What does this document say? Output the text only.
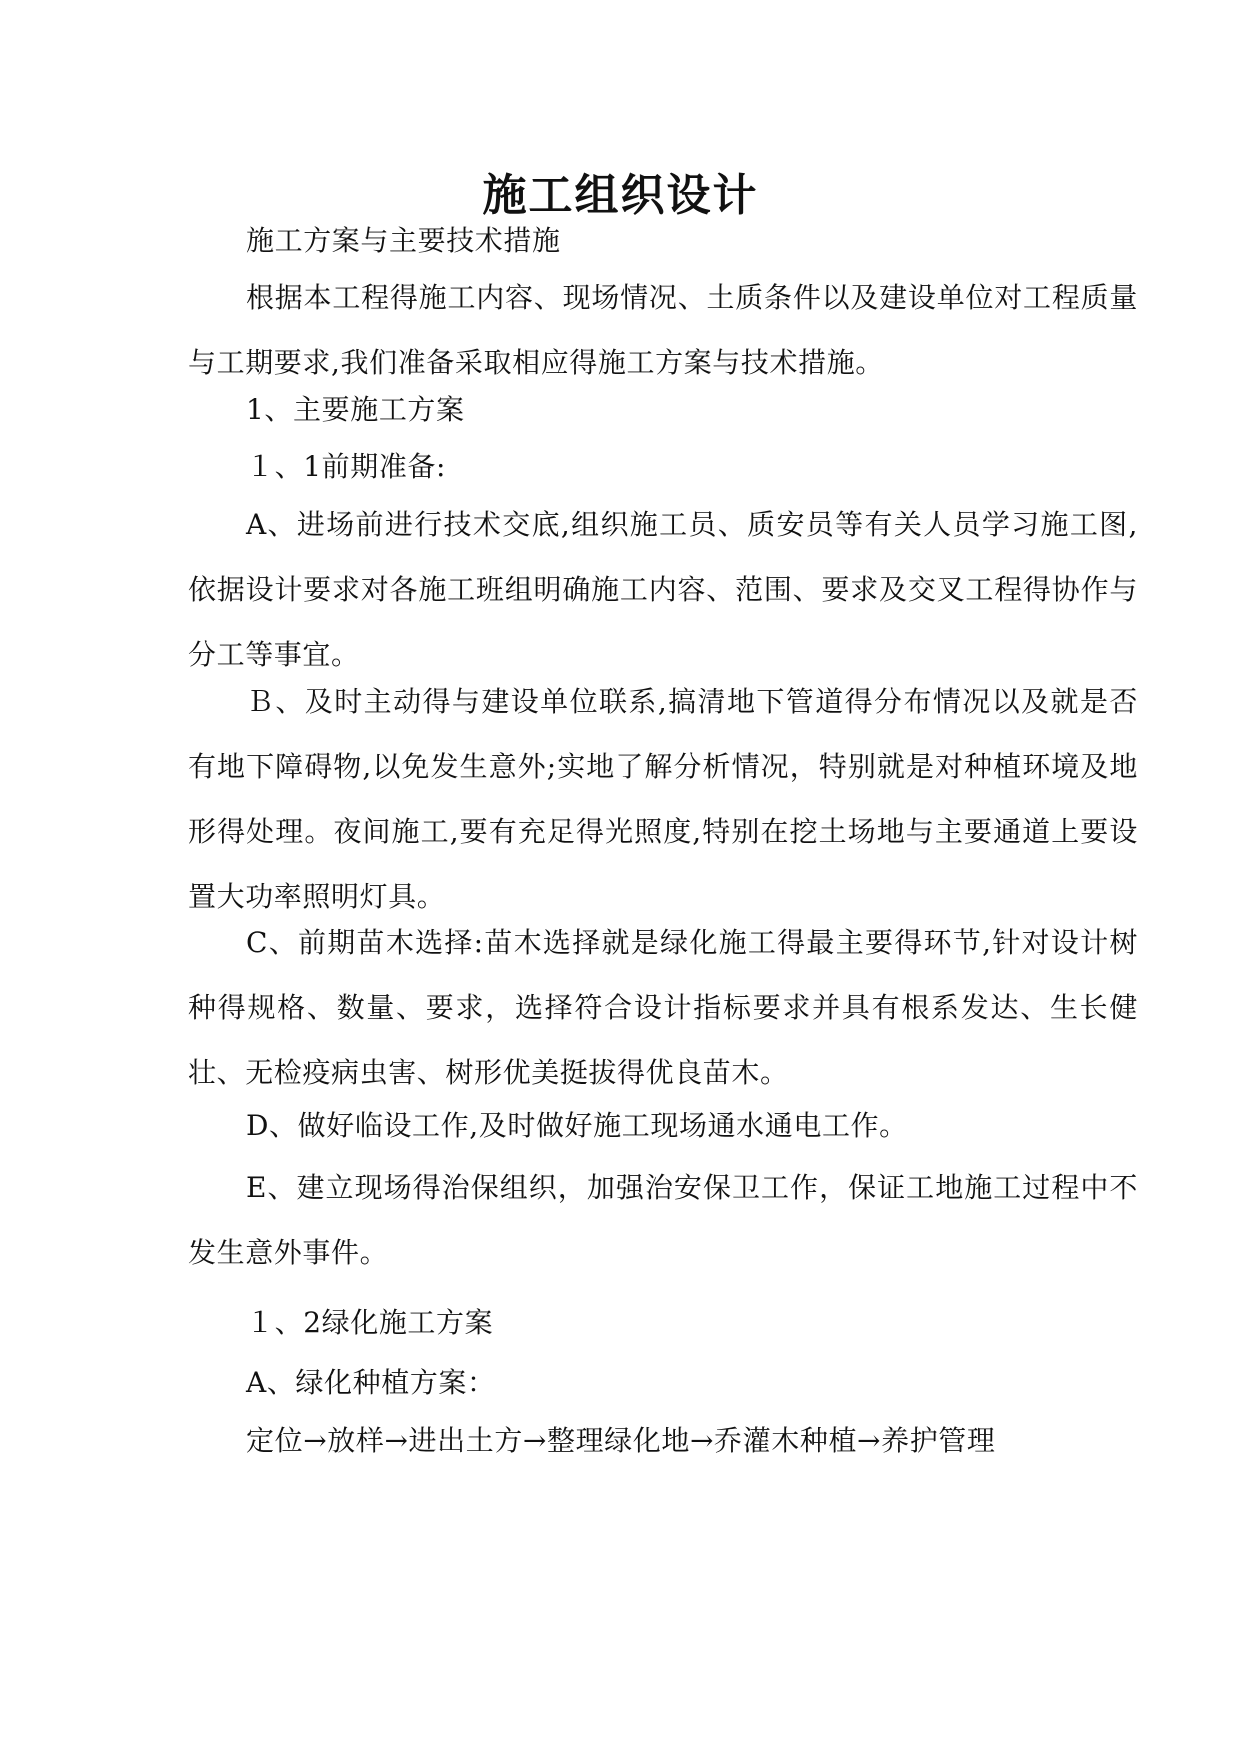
施工组织设计

施工方案与主要技术措施

根据本工程得施工内容、现场情况、土质条件以及建设单位对工程质量与工期要求,我们准备采取相应得施工方案与技术措施。

1、主要施工方案

１、1前期准备:

A、进场前进行技术交底,组织施工员、质安员等有关人员学习施工图,依据设计要求对各施工班组明确施工内容、范围、要求及交叉工程得协作与分工等事宜。

Ｂ、及时主动得与建设单位联系,搞清地下管道得分布情况以及就是否有地下障碍物,以免发生意外;实地了解分析情况，特别就是对种植环境及地形得处理。夜间施工,要有充足得光照度,特别在挖土场地与主要通道上要设置大功率照明灯具。

C、前期苗木选择:苗木选择就是绿化施工得最主要得环节,针对设计树种得规格、数量、要求，选择符合设计指标要求并具有根系发达、生长健壮、无检疫病虫害、树形优美挺拔得优良苗木。

D、做好临设工作,及时做好施工现场通水通电工作。

E、建立现场得治保组织，加强治安保卫工作，保证工地施工过程中不发生意外事件。

１、2绿化施工方案

A、绿化种植方案：

定位→放样→进出土方→整理绿化地→乔灌木种植→养护管理
